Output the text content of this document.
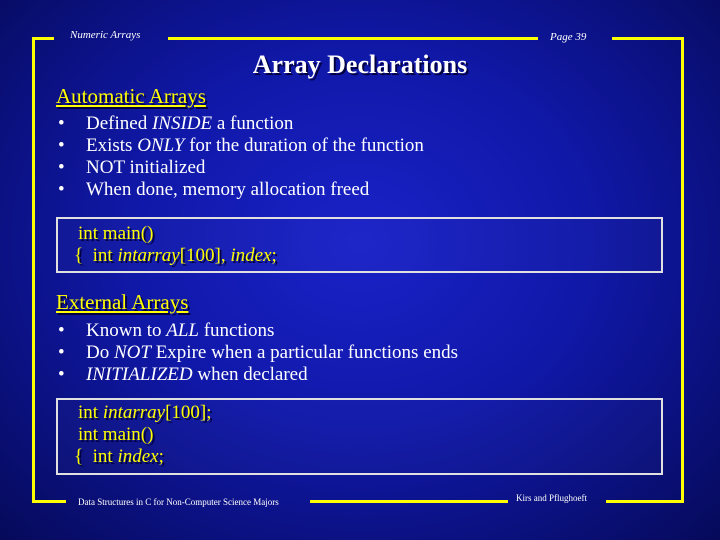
Numeric Arrays	Page 39
Array Declarations
Automatic Arrays
• Defined INSIDE a function
• Exists ONLY for the duration of the function
• NOT initialized
• When done, memory allocation freed
int main()
{  int intarray[100], index;
External Arrays
• Known to ALL functions
• Do NOT Expire when a particular functions ends
• INITIALIZED when declared
int intarray[100];
int main()
{  int index;
Data Structures in C for Non-Computer Science Majors	Kirs and Pflughoeft
